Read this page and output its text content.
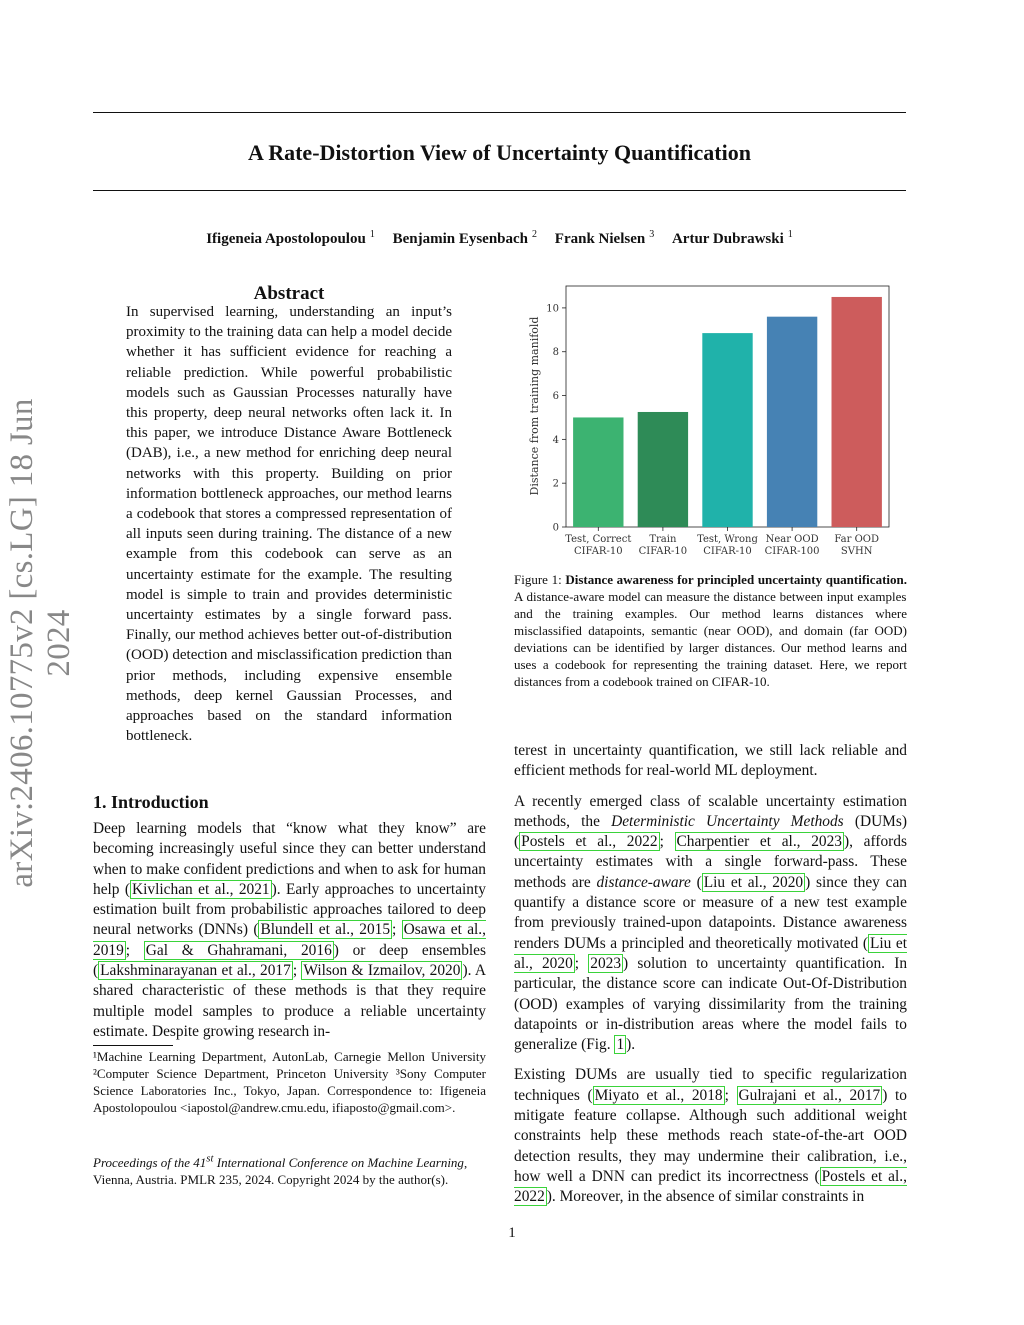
A Rate-Distortion View of Uncertainty Quantification
Ifigeneia Apostolopoulou $^1$ Benjamin Eysenbach $^2$ Frank Nielsen $^3$ Artur Dubrawski $^1$
arXiv:2406.10775v2 [cs.LG] 18 Jun 2024
Abstract
In supervised learning, understanding an input’s proximity to the training data can help a model decide whether it has sufficient evidence for reaching a reliable prediction. While powerful probabilistic models such as Gaussian Processes naturally have this property, deep neural networks often lack it. In this paper, we introduce Distance Aware Bottleneck (DAB), i.e., a new method for enriching deep neural networks with this property. Building on prior information bottleneck approaches, our method learns a codebook that stores a compressed representation of all inputs seen during training. The distance of a new example from this codebook can serve as an uncertainty estimate for the example. The resulting model is simple to train and provides deterministic uncertainty estimates by a single forward pass. Finally, our method achieves better out-of-distribution (OOD) detection and misclassification prediction than prior methods, including expensive ensemble methods, deep kernel Gaussian Processes, and approaches based on the standard information bottleneck.
1. Introduction
Deep learning models that “know what they know” are becoming increasingly useful since they can better understand when to make confident predictions and when to ask for human help ( Kivlichan et al., 2021 ). Early approaches to uncertainty estimation built from probabilistic approaches tailored to deep neural networks (DNNs) ( Blundell et al., 2015 ; Osawa et al., 2019 ; Gal & Ghahramani, 2016 ) or deep ensembles ( Lakshminarayanan et al., 2017 ; Wilson & Izmailov, 2020 ). A shared characteristic of these methods is that they require multiple model samples to produce a reliable uncertainty estimate. Despite growing research in-
¹Machine Learning Department, AutonLab, Carnegie Mellon University ²Computer Science Department, Princeton University ³Sony Computer Science Laboratories Inc., Tokyo, Japan. Correspondence to: Ifigeneia Apostolopoulou <iapostol@andrew.cmu.edu, ifiaposto@gmail.com>.
Proceedings of the 41st International Conference on Machine Learning, Vienna, Austria. PMLR 235, 2024. Copyright 2024 by the author(s).
0
2
4
6
8
10
Test, Correct
CIFAR-10
Train
CIFAR-10
Test, Wrong
CIFAR-10
Near OOD
CIFAR-100
Far OOD
SVHN
Distance from training manifold
Figure 1: Distance awareness for principled uncertainty quantification. A distance-aware model can measure the distance between input examples and the training examples. Our method learns distances where misclassified datapoints, semantic (near OOD), and domain (far OOD) deviations can be identified by larger distances. Our method learns and uses a codebook for representing the training dataset. Here, we report distances from a codebook trained on CIFAR-10.

terest in uncertainty quantification, we still lack reliable and efficient methods for real-world ML deployment.

A recently emerged class of scalable uncertainty estimation methods, the Deterministic Uncertainty Methods (DUMs) ( Postels et al., 2022 ; Charpentier et al., 2023 ), affords uncertainty estimates with a single forward-pass. These methods are distance-aware ( Liu et al., 2020 ) since they can quantify a distance score or measure of a new test example from previously trained-upon datapoints. Distance awareness renders DUMs a principled and theoretically motivated ( Liu et al., 2020 ; 2023 ) solution to uncertainty quantification. In particular, the distance score can indicate Out-Of-Distribution (OOD) examples of varying dissimilarity from the training datapoints or in-distribution areas where the model fails to generalize (Fig. 1 ).

Existing DUMs are usually tied to specific regularization techniques ( Miyato et al., 2018 ; Gulrajani et al., 2017 ) to mitigate feature collapse. Although such additional weight constraints help these methods reach state-of-the-art OOD detection results, they may undermine their calibration, i.e., how well a DNN can predict its incorrectness ( Postels et al., 2022 ). Moreover, in the absence of similar constraints in

1
